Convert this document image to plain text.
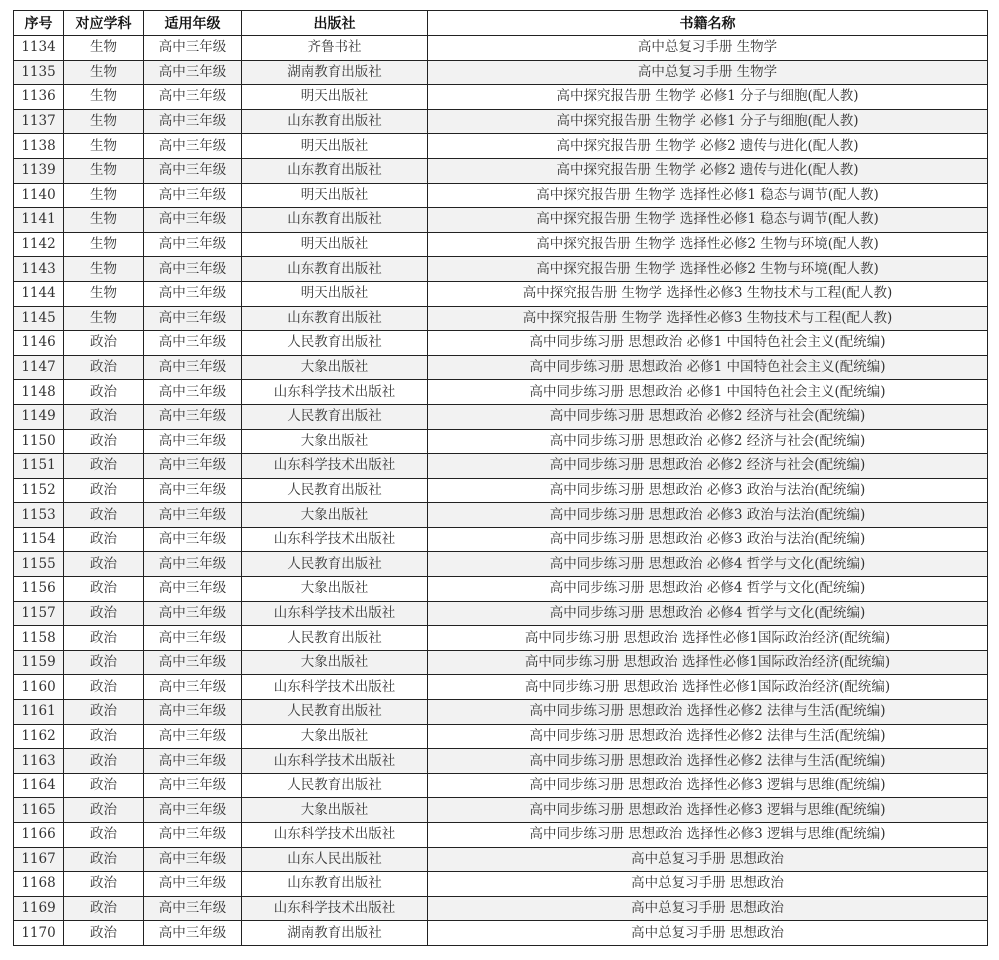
序号	对应学科	适用年级	出版社	书籍名称
1134	生物	高中三年级	齐鲁书社	高中总复习手册 生物学
1135	生物	高中三年级	湖南教育出版社	高中总复习手册 生物学
1136	生物	高中三年级	明天出版社	高中探究报告册 生物学 必修1 分子与细胞(配人教)
1137	生物	高中三年级	山东教育出版社	高中探究报告册 生物学 必修1 分子与细胞(配人教)
1138	生物	高中三年级	明天出版社	高中探究报告册 生物学 必修2 遗传与进化(配人教)
1139	生物	高中三年级	山东教育出版社	高中探究报告册 生物学 必修2 遗传与进化(配人教)
1140	生物	高中三年级	明天出版社	高中探究报告册 生物学 选择性必修1 稳态与调节(配人教)
1141	生物	高中三年级	山东教育出版社	高中探究报告册 生物学 选择性必修1 稳态与调节(配人教)
1142	生物	高中三年级	明天出版社	高中探究报告册 生物学 选择性必修2 生物与环境(配人教)
1143	生物	高中三年级	山东教育出版社	高中探究报告册 生物学 选择性必修2 生物与环境(配人教)
1144	生物	高中三年级	明天出版社	高中探究报告册 生物学 选择性必修3 生物技术与工程(配人教)
1145	生物	高中三年级	山东教育出版社	高中探究报告册 生物学 选择性必修3 生物技术与工程(配人教)
1146	政治	高中三年级	人民教育出版社	高中同步练习册 思想政治 必修1 中国特色社会主义(配统编)
1147	政治	高中三年级	大象出版社	高中同步练习册 思想政治 必修1 中国特色社会主义(配统编)
1148	政治	高中三年级	山东科学技术出版社	高中同步练习册 思想政治 必修1 中国特色社会主义(配统编)
1149	政治	高中三年级	人民教育出版社	高中同步练习册 思想政治 必修2 经济与社会(配统编)
1150	政治	高中三年级	大象出版社	高中同步练习册 思想政治 必修2 经济与社会(配统编)
1151	政治	高中三年级	山东科学技术出版社	高中同步练习册 思想政治 必修2 经济与社会(配统编)
1152	政治	高中三年级	人民教育出版社	高中同步练习册 思想政治 必修3 政治与法治(配统编)
1153	政治	高中三年级	大象出版社	高中同步练习册 思想政治 必修3 政治与法治(配统编)
1154	政治	高中三年级	山东科学技术出版社	高中同步练习册 思想政治 必修3 政治与法治(配统编)
1155	政治	高中三年级	人民教育出版社	高中同步练习册 思想政治 必修4 哲学与文化(配统编)
1156	政治	高中三年级	大象出版社	高中同步练习册 思想政治 必修4 哲学与文化(配统编)
1157	政治	高中三年级	山东科学技术出版社	高中同步练习册 思想政治 必修4 哲学与文化(配统编)
1158	政治	高中三年级	人民教育出版社	高中同步练习册 思想政治 选择性必修1国际政治经济(配统编)
1159	政治	高中三年级	大象出版社	高中同步练习册 思想政治 选择性必修1国际政治经济(配统编)
1160	政治	高中三年级	山东科学技术出版社	高中同步练习册 思想政治 选择性必修1国际政治经济(配统编)
1161	政治	高中三年级	人民教育出版社	高中同步练习册 思想政治 选择性必修2 法律与生活(配统编)
1162	政治	高中三年级	大象出版社	高中同步练习册 思想政治 选择性必修2 法律与生活(配统编)
1163	政治	高中三年级	山东科学技术出版社	高中同步练习册 思想政治 选择性必修2 法律与生活(配统编)
1164	政治	高中三年级	人民教育出版社	高中同步练习册 思想政治 选择性必修3 逻辑与思维(配统编)
1165	政治	高中三年级	大象出版社	高中同步练习册 思想政治 选择性必修3 逻辑与思维(配统编)
1166	政治	高中三年级	山东科学技术出版社	高中同步练习册 思想政治 选择性必修3 逻辑与思维(配统编)
1167	政治	高中三年级	山东人民出版社	高中总复习手册 思想政治
1168	政治	高中三年级	山东教育出版社	高中总复习手册 思想政治
1169	政治	高中三年级	山东科学技术出版社	高中总复习手册 思想政治
1170	政治	高中三年级	湖南教育出版社	高中总复习手册 思想政治
